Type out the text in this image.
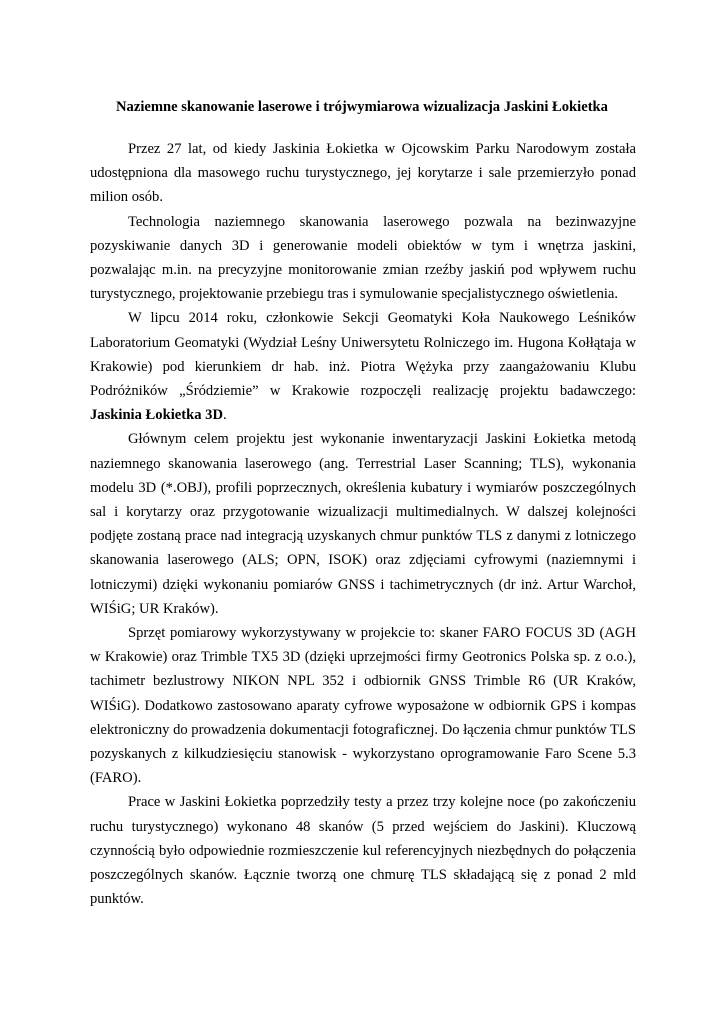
Naziemne skanowanie laserowe i trójwymiarowa wizualizacja Jaskini Łokietka

Przez 27 lat, od kiedy Jaskinia Łokietka w Ojcowskim Parku Narodowym została udostępniona dla masowego ruchu turystycznego, jej korytarze i sale przemierzyło ponad milion osób.

Technologia naziemnego skanowania laserowego pozwala na bezinwazyjne pozyskiwanie danych 3D i generowanie modeli obiektów w tym i wnętrza jaskini, pozwalając m.in. na precyzyjne monitorowanie zmian rzeźby jaskiń pod wpływem ruchu turystycznego, projektowanie przebiegu tras i symulowanie specjalistycznego oświetlenia.

W lipcu 2014 roku, członkowie Sekcji Geomatyki Koła Naukowego Leśników Laboratorium Geomatyki (Wydział Leśny Uniwersytetu Rolniczego im. Hugona Kołłątaja w Krakowie) pod kierunkiem dr hab. inż. Piotra Wężyka przy zaangażowaniu Klubu Podróżników „Śródziemie” w Krakowie rozpoczęli realizację projektu badawczego: Jaskinia Łokietka 3D.

Głównym celem projektu jest wykonanie inwentaryzacji Jaskini Łokietka metodą naziemnego skanowania laserowego (ang. Terrestrial Laser Scanning; TLS), wykonania modelu 3D (*.OBJ), profili poprzecznych, określenia kubatury i wymiarów poszczególnych sal i korytarzy oraz przygotowanie wizualizacji multimedialnych. W dalszej kolejności podjęte zostaną prace nad integracją uzyskanych chmur punktów TLS z danymi z lotniczego skanowania laserowego (ALS; OPN, ISOK) oraz zdjęciami cyfrowymi (naziemnymi i lotniczymi) dzięki wykonaniu pomiarów GNSS i tachimetrycznych (dr inż. Artur Warchoł, WIŚiG; UR Kraków).

Sprzęt pomiarowy wykorzystywany w projekcie to: skaner FARO FOCUS 3D (AGH w Krakowie) oraz Trimble TX5 3D (dzięki uprzejmości firmy Geotronics Polska sp. z o.o.), tachimetr bezlustrowy NIKON NPL 352 i odbiornik GNSS Trimble R6 (UR Kraków, WIŚiG). Dodatkowo zastosowano aparaty cyfrowe wyposażone w odbiornik GPS i kompas elektroniczny do prowadzenia dokumentacji fotograficznej. Do łączenia chmur punktów TLS pozyskanych z kilkudziesięciu stanowisk - wykorzystano oprogramowanie Faro Scene 5.3 (FARO).

Prace w Jaskini Łokietka poprzedziły testy a przez trzy kolejne noce (po zakończeniu ruchu turystycznego) wykonano 48 skanów (5 przed wejściem do Jaskini). Kluczową czynnością było odpowiednie rozmieszczenie kul referencyjnych niezbędnych do połączenia poszczególnych skanów. Łącznie tworzą one chmurę TLS składającą się z ponad 2 mld punktów.
